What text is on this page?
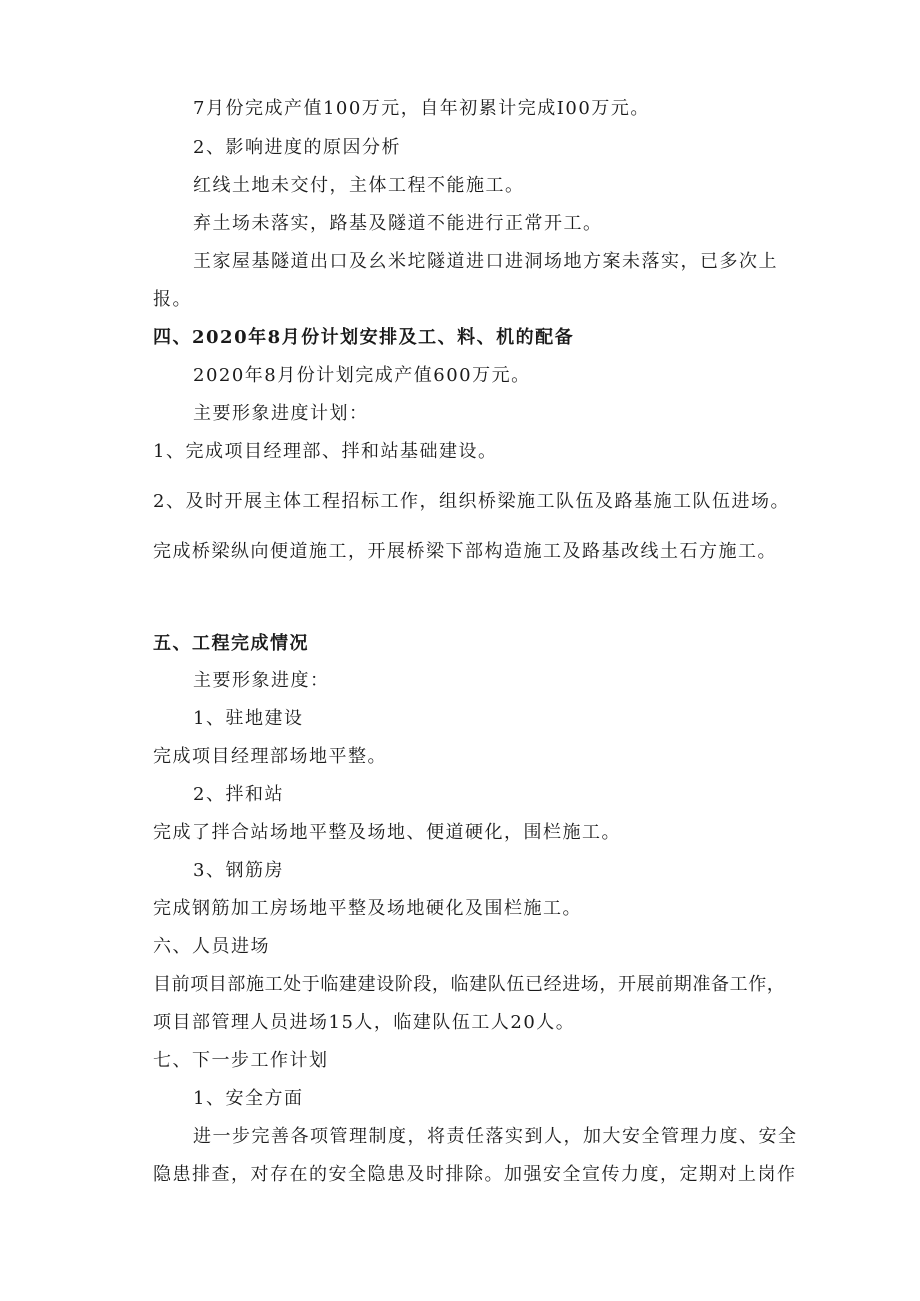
7月份完成产值100万元，自年初累计完成I00万元。
2、影响进度的原因分析
红线土地未交付，主体工程不能施工。
弃土场未落实，路基及隧道不能进行正常开工。
王家屋基隧道出口及幺米坨隧道进口进洞场地方案未落实，已多次上
报。
四、2020年8月份计划安排及工、料、机的配备
2020年8月份计划完成产值600万元。
主要形象进度计划：
1、完成项目经理部、拌和站基础建设。
2、及时开展主体工程招标工作，组织桥梁施工队伍及路基施工队伍进场。
完成桥梁纵向便道施工，开展桥梁下部构造施工及路基改线土石方施工。
五、工程完成情况
主要形象进度：
1、驻地建设
完成项目经理部场地平整。
2、拌和站
完成了拌合站场地平整及场地、便道硬化，围栏施工。
3、钢筋房
完成钢筋加工房场地平整及场地硬化及围栏施工。
六、人员进场
目前项目部施工处于临建建设阶段，临建队伍已经进场，开展前期准备工作，
项目部管理人员进场15人，临建队伍工人20人。
七、下一步工作计划
1、安全方面
进一步完善各项管理制度，将责任落实到人，加大安全管理力度、安全
隐患排查，对存在的安全隐患及时排除。加强安全宣传力度，定期对上岗作
